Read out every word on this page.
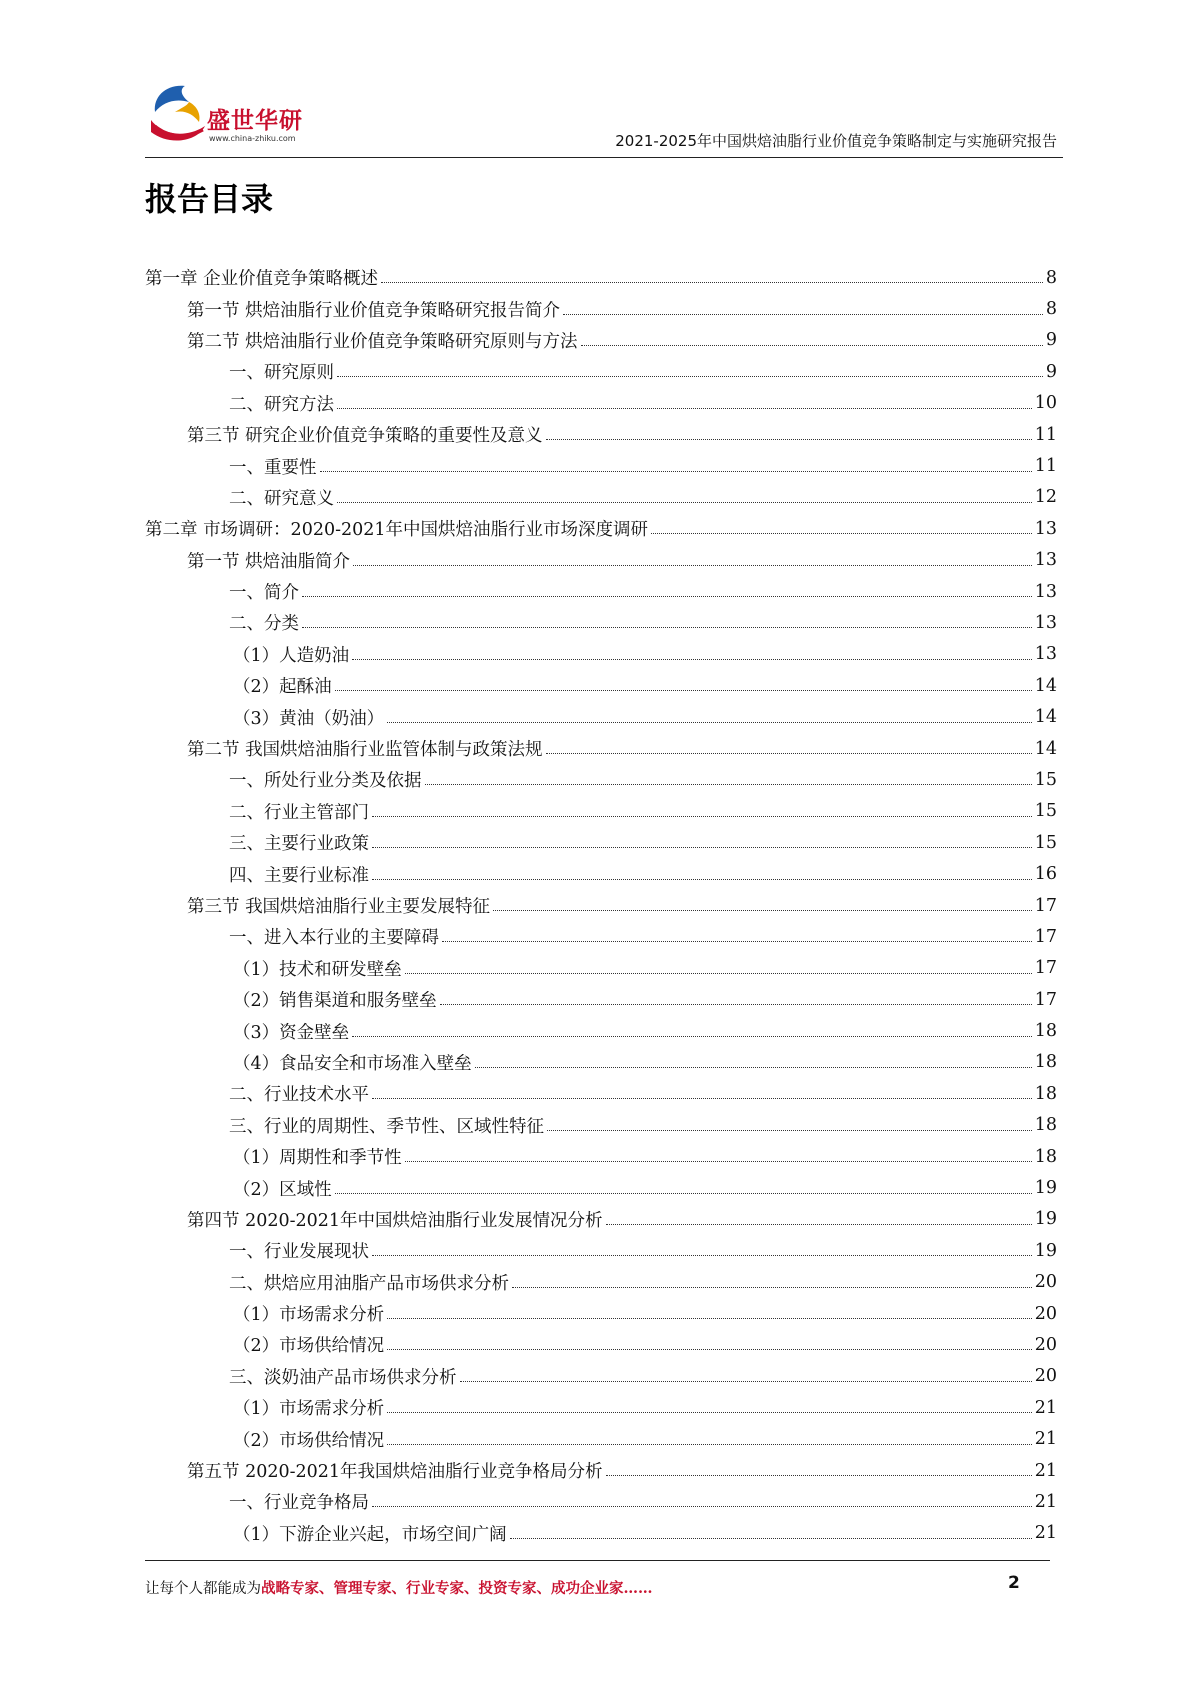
盛世华研
www.china-zhiku.com	2021-2025年中国烘焙油脂行业价值竞争策略制定与实施研究报告
报告目录
第一章 企业价值竞争策略概述	8
第一节 烘焙油脂行业价值竞争策略研究报告简介	8
第二节 烘焙油脂行业价值竞争策略研究原则与方法	9
一、研究原则	9
二、研究方法	10
第三节 研究企业价值竞争策略的重要性及意义	11
一、重要性	11
二、研究意义	12
第二章 市场调研：2020-2021年中国烘焙油脂行业市场深度调研	13
第一节 烘焙油脂简介	13
一、简介	13
二、分类	13
（1）人造奶油	13
（2）起酥油	14
（3）黄油（奶油）	14
第二节 我国烘焙油脂行业监管体制与政策法规	14
一、所处行业分类及依据	15
二、行业主管部门	15
三、主要行业政策	15
四、主要行业标准	16
第三节 我国烘焙油脂行业主要发展特征	17
一、进入本行业的主要障碍	17
（1）技术和研发壁垒	17
（2）销售渠道和服务壁垒	17
（3）资金壁垒	18
（4）食品安全和市场准入壁垒	18
二、行业技术水平	18
三、行业的周期性、季节性、区域性特征	18
（1）周期性和季节性	18
（2）区域性	19
第四节 2020-2021年中国烘焙油脂行业发展情况分析	19
一、行业发展现状	19
二、烘焙应用油脂产品市场供求分析	20
（1）市场需求分析	20
（2）市场供给情况	20
三、淡奶油产品市场供求分析	20
（1）市场需求分析	21
（2）市场供给情况	21
第五节 2020-2021年我国烘焙油脂行业竞争格局分析	21
一、行业竞争格局	21
（1）下游企业兴起，市场空间广阔	21
让每个人都能成为战略专家、管理专家、行业专家、投资专家、成功企业家……	2
